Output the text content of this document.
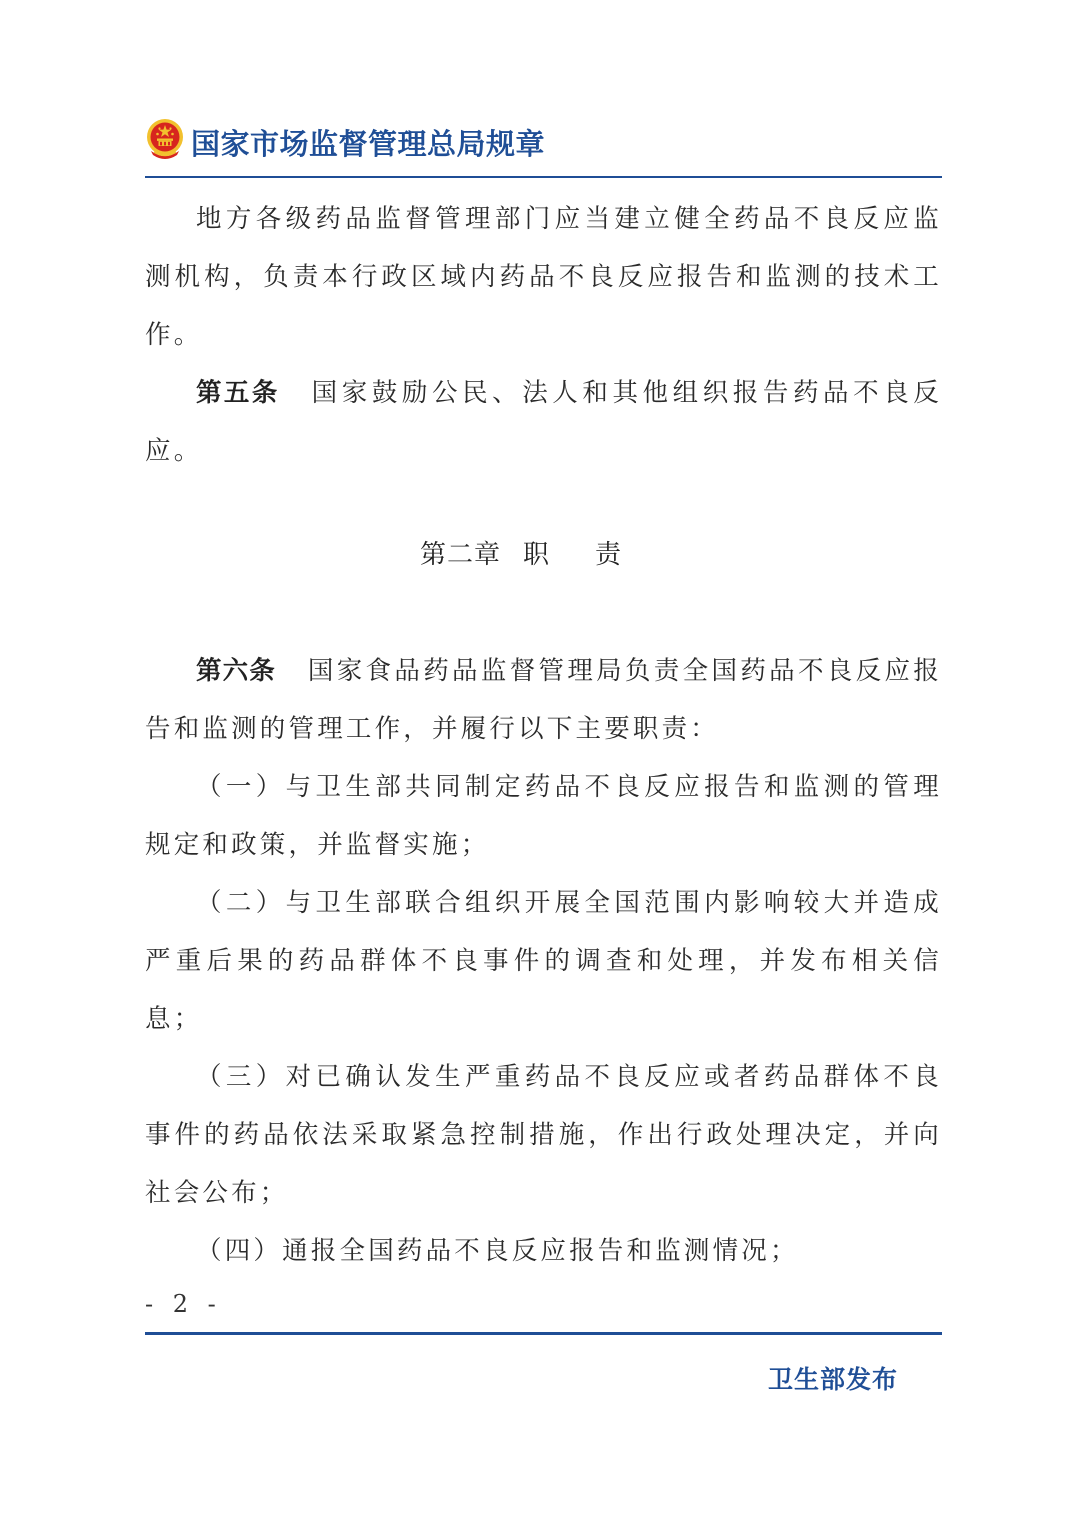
国家市场监督管理总局规章

地方各级药品监督管理部门应当建立健全药品不良反应监测机构，负责本行政区域内药品不良反应报告和监测的技术工作。

第五条 国家鼓励公民、法人和其他组织报告药品不良反应。

第二章 职责

第六条 国家食品药品监督管理局负责全国药品不良反应报告和监测的管理工作，并履行以下主要职责：

（一）与卫生部共同制定药品不良反应报告和监测的管理规定和政策，并监督实施；

（二）与卫生部联合组织开展全国范围内影响较大并造成严重后果的药品群体不良事件的调查和处理，并发布相关信息；

（三）对已确认发生严重药品不良反应或者药品群体不良事件的药品依法采取紧急控制措施，作出行政处理决定，并向社会公布；

（四）通报全国药品不良反应报告和监测情况；

- 2 -
卫生部发布
